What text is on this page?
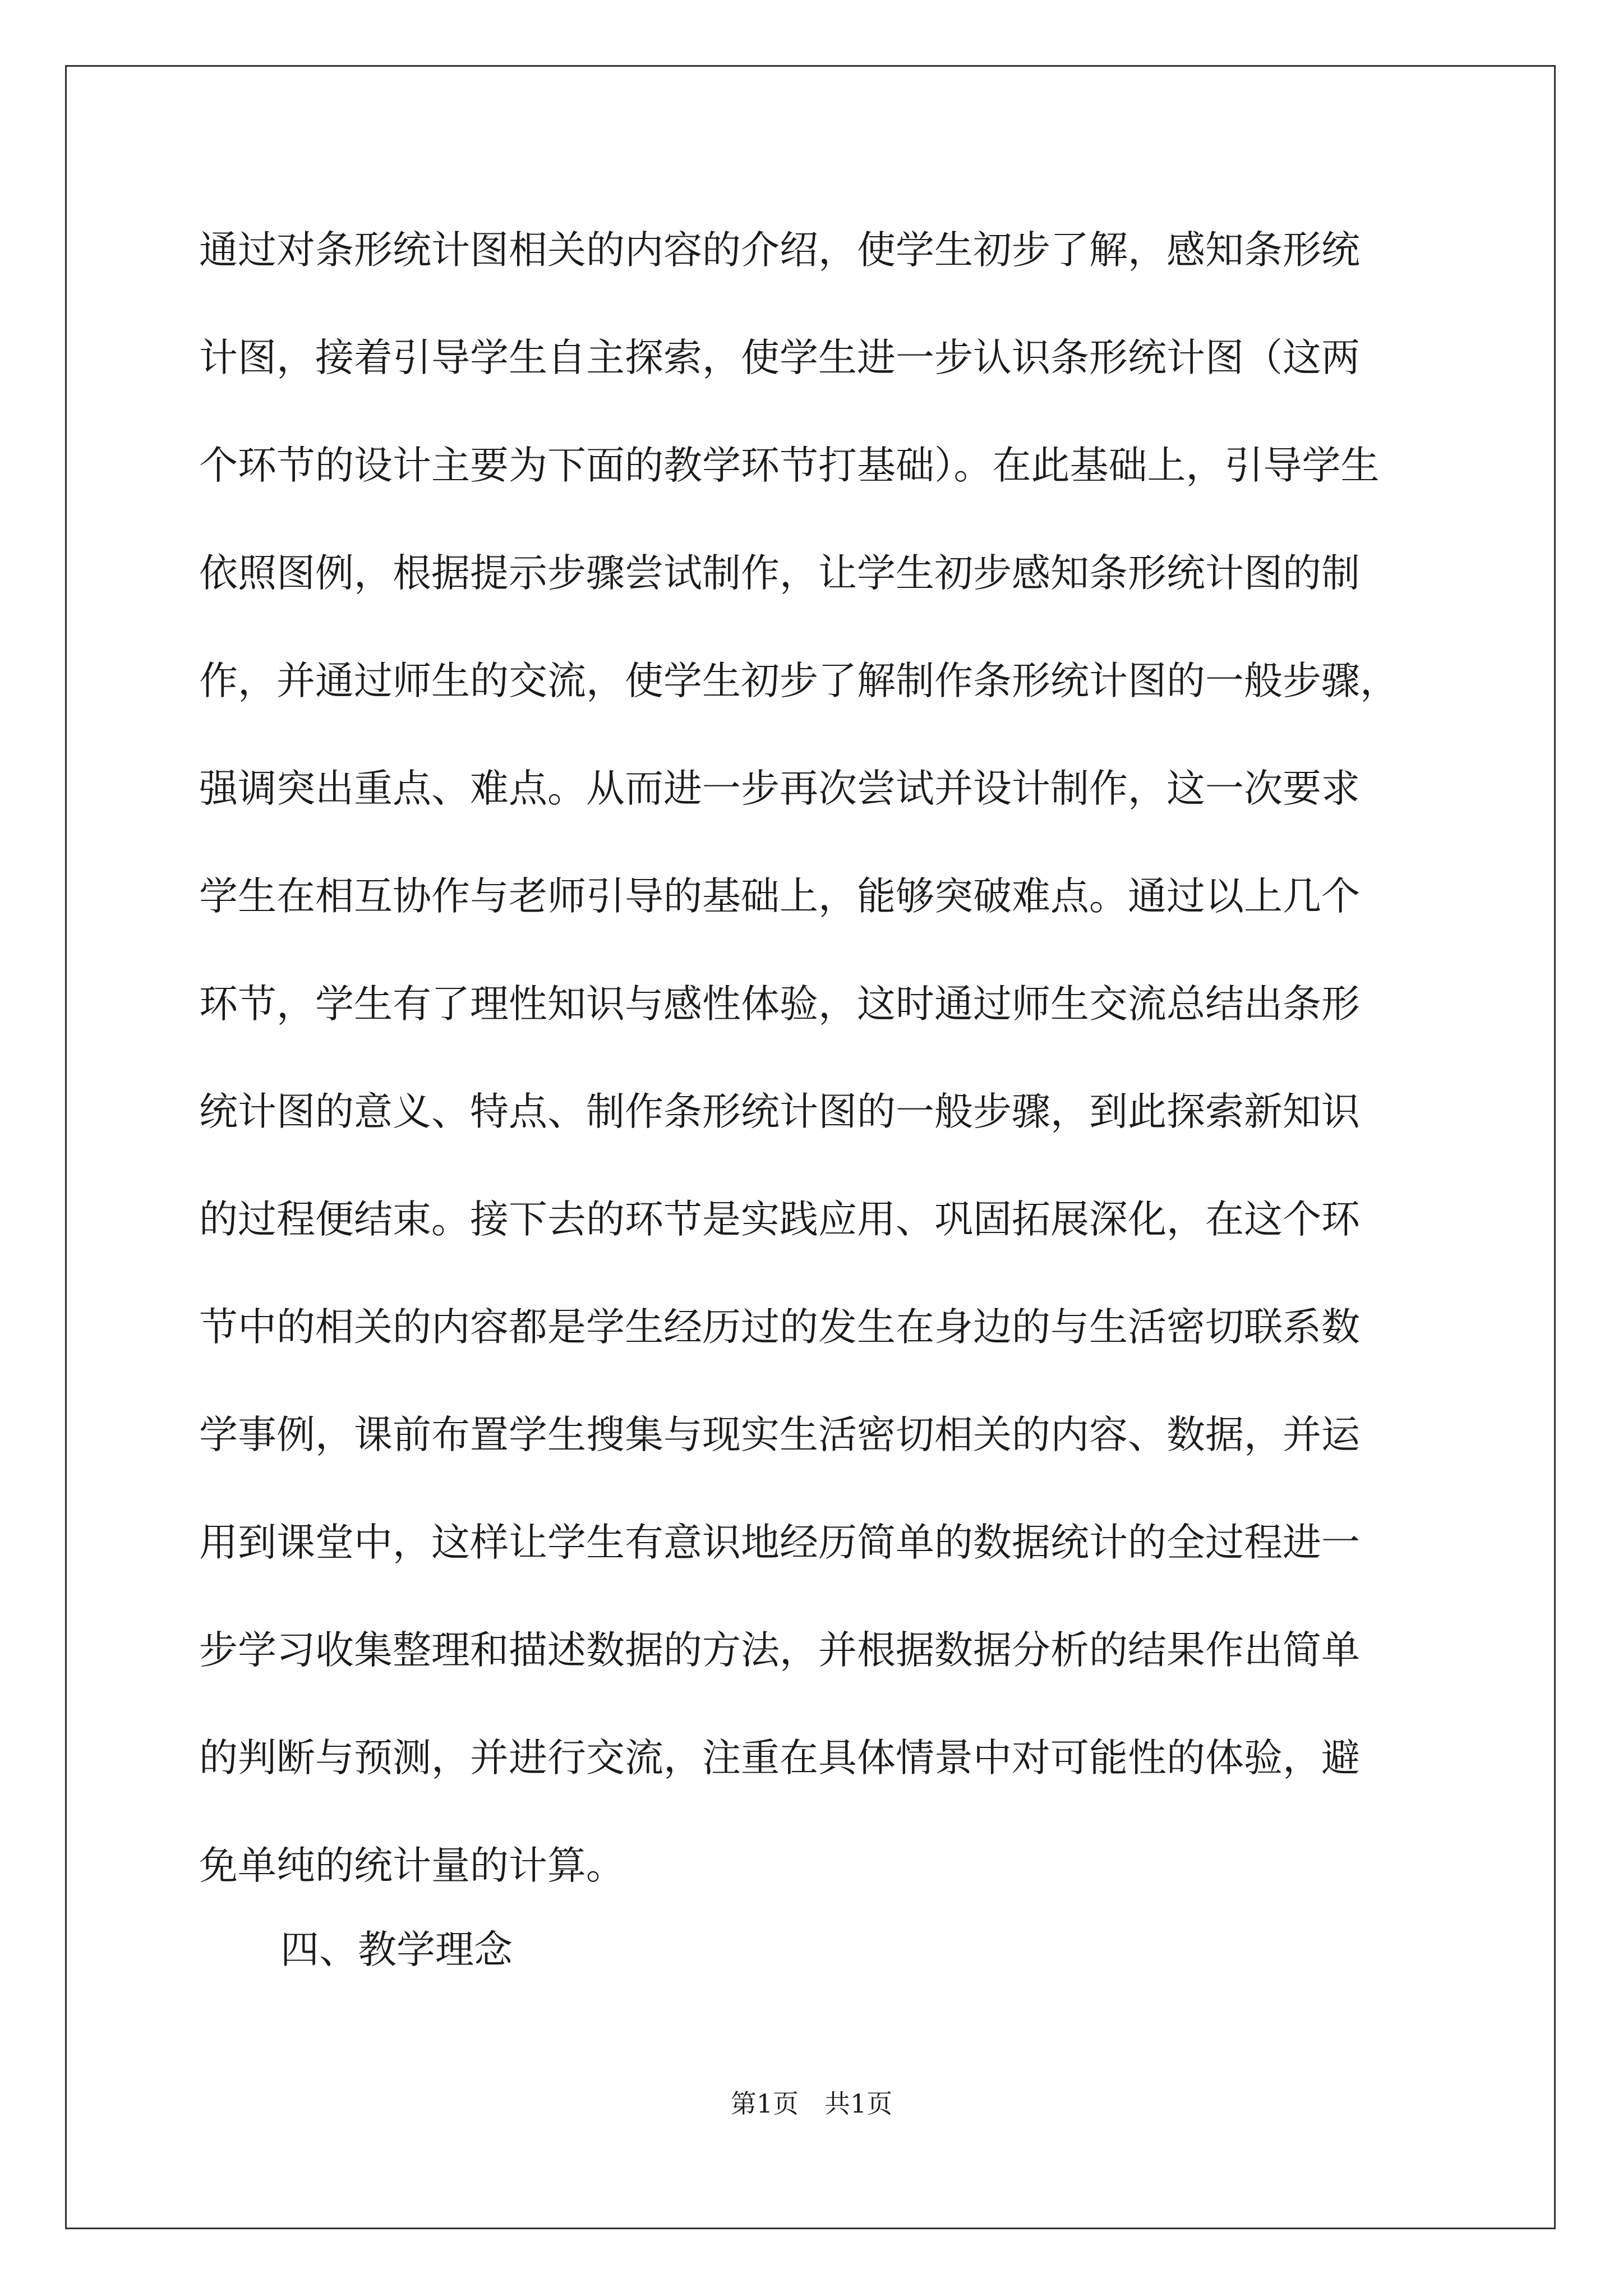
通过对条形统计图相关的内容的介绍，使学生初步了解，感知条形统
计图，接着引导学生自主探索，使学生进一步认识条形统计图（这两
个环节的设计主要为下面的教学环节打基础）。在此基础上，引导学生
依照图例，根据提示步骤尝试制作，让学生初步感知条形统计图的制
作，并通过师生的交流，使学生初步了解制作条形统计图的一般步骤，
强调突出重点、难点。从而进一步再次尝试并设计制作，这一次要求
学生在相互协作与老师引导的基础上，能够突破难点。通过以上几个
环节，学生有了理性知识与感性体验，这时通过师生交流总结出条形
统计图的意义、特点、制作条形统计图的一般步骤，到此探索新知识
的过程便结束。接下去的环节是实践应用、巩固拓展深化，在这个环
节中的相关的内容都是学生经历过的发生在身边的与生活密切联系数
学事例，课前布置学生搜集与现实生活密切相关的内容、数据，并运
用到课堂中，这样让学生有意识地经历简单的数据统计的全过程进一
步学习收集整理和描述数据的方法，并根据数据分析的结果作出简单
的判断与预测，并进行交流，注重在具体情景中对可能性的体验，避
免单纯的统计量的计算。
四、教学理念
第1页 共1页
